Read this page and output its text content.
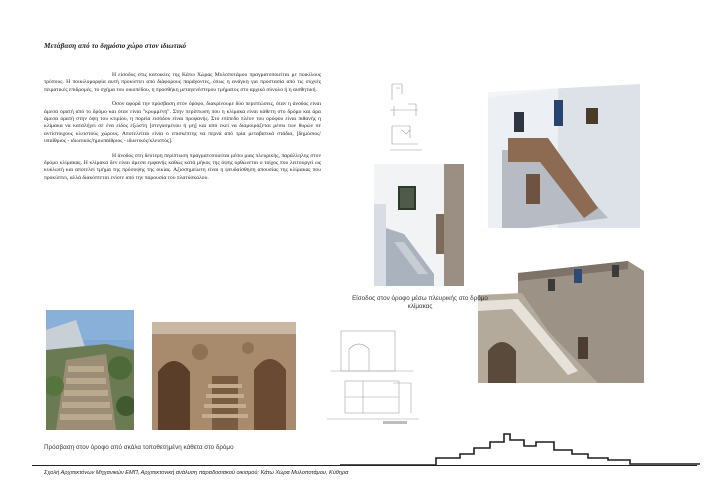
Μετάβαση από το δημόσιο χώρο στον ιδιωτικό

Η είσοδος στις κατοικίες της Κάτω Χώρας Μυλοποτάμου πραγματοποιείται με ποικίλους τρόπους. Η ποικιλομορφία αυτή προκύπτει από διάφορους παράγοντες, όπως η ανάγκη για προστασία από τις συχνές πειρατικές επιδρομές, το σχήμα του οικοπέδου, η προσθήκη μεταγενέστερου τμήματος στο αρχικό σύνολο ή η αισθητική.

Όσον αφορά την πρόσβαση στον όροφο, διακρίνουμε δύο περιπτώσεις, όταν η άνοδος είναι άμεσα ορατή από το δρόμο και όταν είναι "κρυμμένη". Στην περίπτωση που η κλίμακα είναι κάθετη στο δρόμο και άρα άμεσα ορατή στην όψη του κτιρίου, η πορεία εισόδου είναι προφανής. Στο επίπεδο πλέον του ορόφου είναι πιθανής η κλίμακα να καταλήγει σε ένα είδος εξώστη [στεγασμένου ή μη] και από εκεί να διαμοιράζεται μέσω των θυρών σε αντίστοιχους κλειστούς χώρους. Αποτελείται είναι ο επισκέπτης να περνά από τρία μεταβατικά στάδια, [δημόσιος/υπαίθριος - ιδιωτικός/ημιυπαίθριος - ιδιωτικός/κλειστός].

Η άνοδος στη δεύτερη περίπτωση πραγματοποιείται μέσω μιας πλευρικής, παράλληλης στον δρόμο κλίμακας. Η κλίμακα δεν είναι άμεσα εμφανής καθώς κατά μήκος της όψης ορθώνεται ο τοίχος που λειτουργεί ως κυκλωτή και αποτελεί τμήμα της πρόσοψης της οικίας. Αξιοσημείωτη είναι η ψευδαίσθηση απουσίας της κλίμακας που προκύπτει, αλλά διακόπτεται ενίοτε από την παρουσία του πλατύσκαλου.

Είσοδος στον όροφο μέσω πλευρικής στο δρόμο κλίμακας
Πρόσβαση στον όροφο από σκάλα τοποθετημένη κάθετα στο δρόμο
Σχολή Αρχιτεκτόνων Μηχανικών ΕΜΠ, Αρχιτεκτονική ανάλυση παραδοσιακού οικισμού: Κάτω Χώρα Μυλοποτάμου, Κύθηρα
